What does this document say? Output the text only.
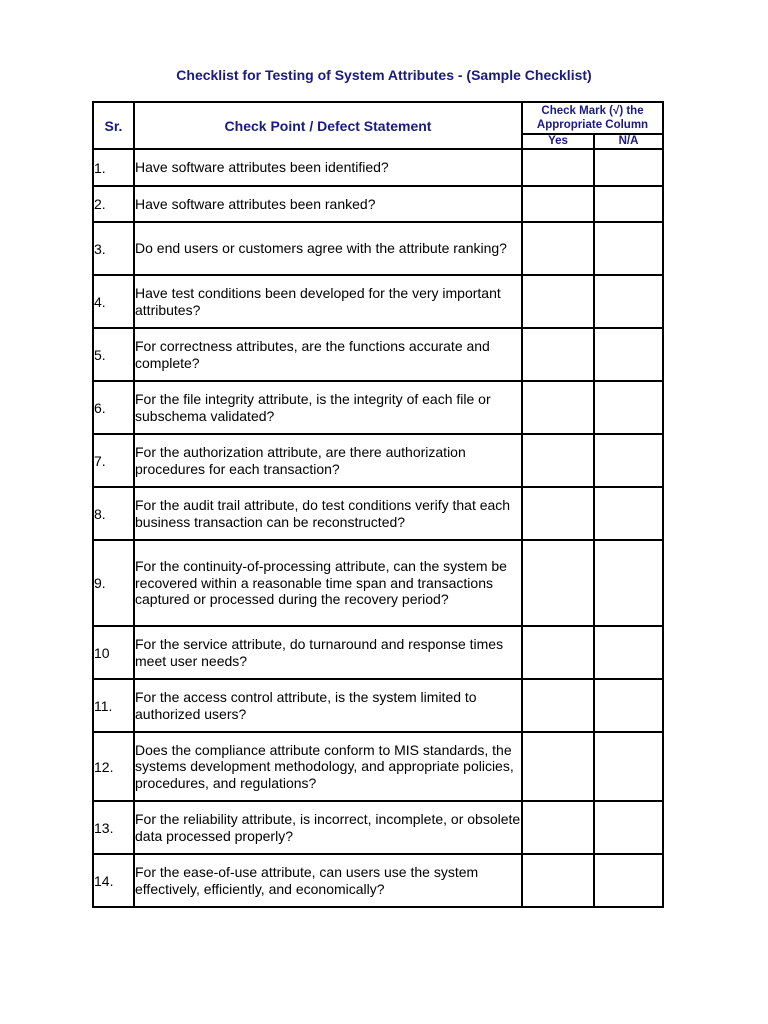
Checklist for Testing of System Attributes - (Sample Checklist)
Sr.	Check Point / Defect Statement	Check Mark (√) the
Appropriate Column	
		Yes	N/A
1.	Have software attributes been identified?		
2.	Have software attributes been ranked?		
3.	Do end users or customers agree with the attribute ranking?		
4.	Have test conditions been developed for the very important attributes?		
5.	For correctness attributes, are the functions accurate and complete?		
6.	For the file integrity attribute, is the integrity of each file or subschema validated?		
7.	For the authorization attribute, are there authorization procedures for each transaction?		
8.	For the audit trail attribute, do test conditions verify that each business transaction can be reconstructed?		
9.	For the continuity-of-processing attribute, can the system be recovered within a reasonable time span and transactions captured or processed during the recovery period?		
10	For the service attribute, do turnaround and response times meet user needs?		
11.	For the access control attribute, is the system limited to authorized users?		
12.	Does the compliance attribute conform to MIS standards, the systems development methodology, and appropriate policies, procedures, and regulations?		
13.	For the reliability attribute, is incorrect, incomplete, or obsolete data processed properly?		
14.	For the ease-of-use attribute, can users use the system effectively, efficiently, and economically?		
